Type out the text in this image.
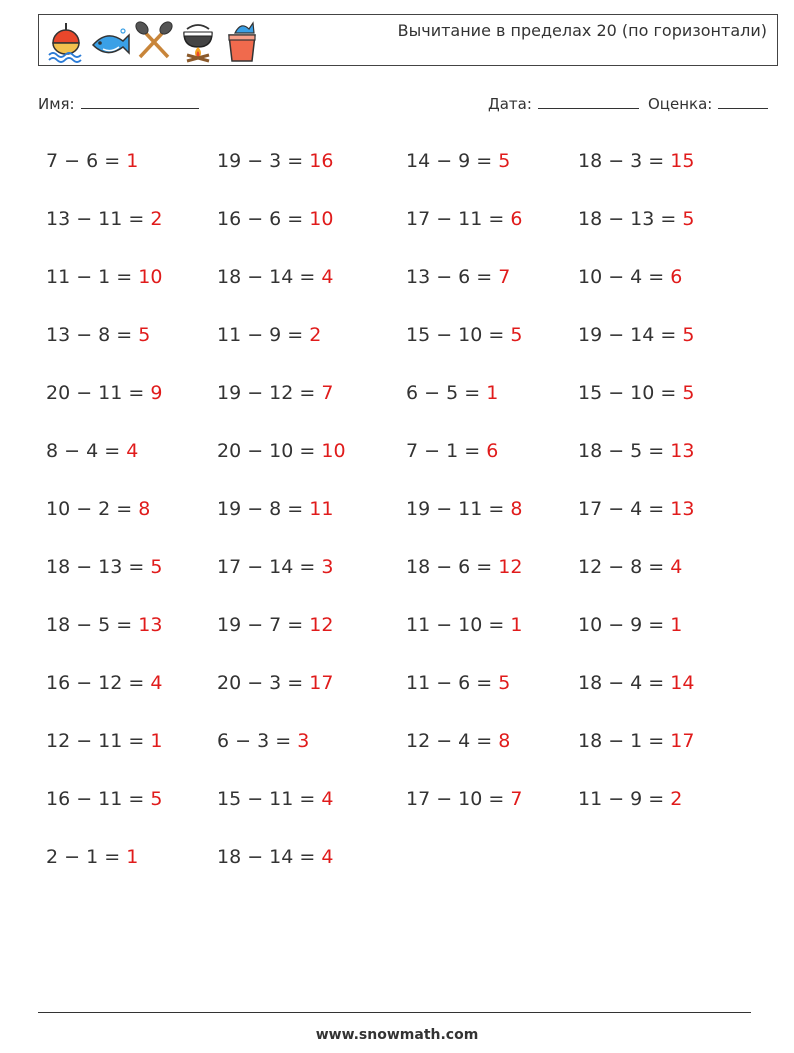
Вычитание в пределах 20 (по горизонтали)
Имя:	Дата:	Оценка:
7 − 6 = 1	19 − 3 = 16	14 − 9 = 5	18 − 3 = 15
13 − 11 = 2	16 − 6 = 10	17 − 11 = 6	18 − 13 = 5
11 − 1 = 10	18 − 14 = 4	13 − 6 = 7	10 − 4 = 6
13 − 8 = 5	11 − 9 = 2	15 − 10 = 5	19 − 14 = 5
20 − 11 = 9	19 − 12 = 7	6 − 5 = 1	15 − 10 = 5
8 − 4 = 4	20 − 10 = 10	7 − 1 = 6	18 − 5 = 13
10 − 2 = 8	19 − 8 = 11	19 − 11 = 8	17 − 4 = 13
18 − 13 = 5	17 − 14 = 3	18 − 6 = 12	12 − 8 = 4
18 − 5 = 13	19 − 7 = 12	11 − 10 = 1	10 − 9 = 1
16 − 12 = 4	20 − 3 = 17	11 − 6 = 5	18 − 4 = 14
12 − 11 = 1	6 − 3 = 3	12 − 4 = 8	18 − 1 = 17
16 − 11 = 5	15 − 11 = 4	17 − 10 = 7	11 − 9 = 2
2 − 1 = 1	18 − 14 = 4
www.snowmath.com
